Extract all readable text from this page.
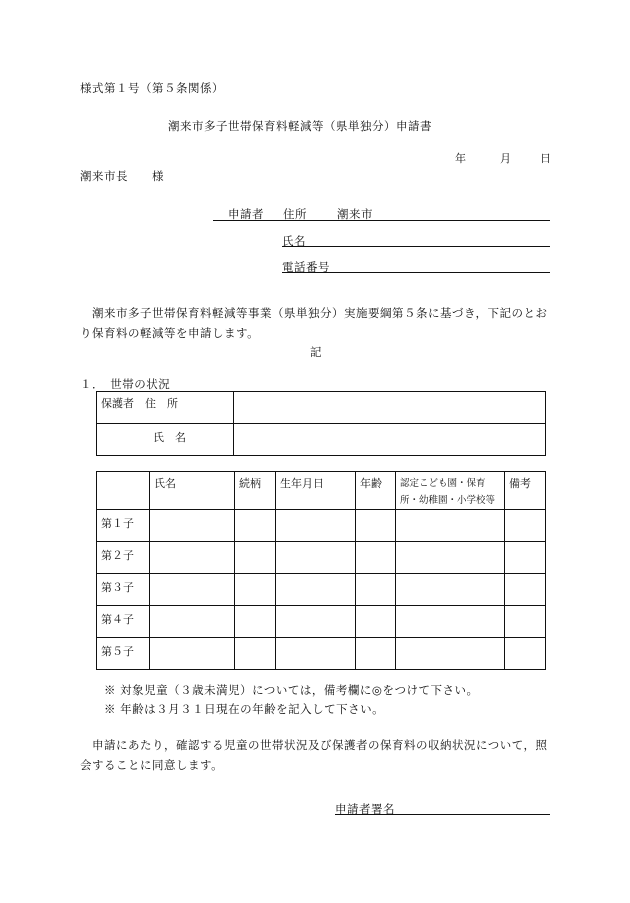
様式第１号（第５条関係）
潮来市多子世帯保育料軽減等（県単独分）申請書
年	月	日
潮来市長　　様
申請者 住所	潮来市
氏名
電話番号
潮来市多子世帯保育料軽減等事業（県単独分）実施要綱第５条に基づき，下記のとおり保育料の軽減等を申請します。
記
１．　世帯の状況
保護者　住　所	
氏　名	
	氏名	続柄	生年月日	年齢	認定こども園・保育所・幼稚園・小学校等	備考
第１子						
第２子						
第３子						
第４子						
第５子						
※ 対象児童（３歳未満児）については，備考欄に◎をつけて下さい。
※ 年齢は３月３１日現在の年齢を記入して下さい。
申請にあたり，確認する児童の世帯状況及び保護者の保育料の収納状況について，照会することに同意します。
申請者署名
